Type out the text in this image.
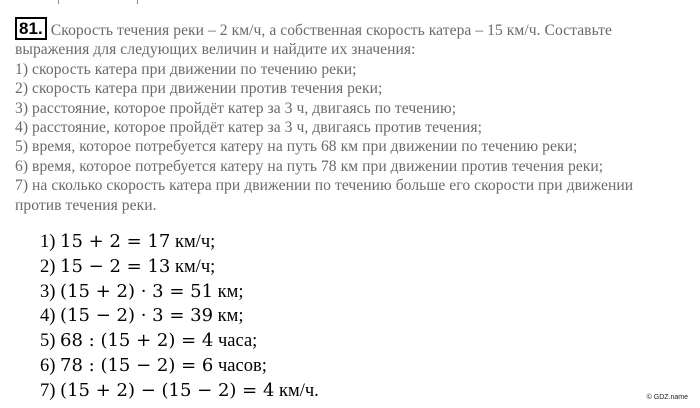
81. Скорость течения реки – 2 км/ч, а собственная скорость катера – 15 км/ч. Составьте
выражения для следующих величин и найдите их значения:
1) скорость катера при движении по течению реки;
2) скорость катера при движении против течения реки;
3) расстояние, которое пройдёт катер за 3 ч, двигаясь по течению;
4) расстояние, которое пройдёт катер за 3 ч, двигаясь против течения;
5) время, которое потребуется катеру на путь 68 км при движении по течению реки;
6) время, которое потребуется катеру на путь 78 км при движении против течения реки;
7) на сколько скорость катера при движении по течению больше его скорости при движении
против течения реки.
1) 15 + 2 = 17 км/ч;
2) 15 − 2 = 13 км/ч;
3) (15 + 2) · 3 = 51 км;
4) (15 − 2) · 3 = 39 км;
5) 68 : (15 + 2) = 4 часа;
6) 78 : (15 − 2) = 6 часов;
7) (15 + 2) − (15 − 2) = 4 км/ч.	© GDZ.name
